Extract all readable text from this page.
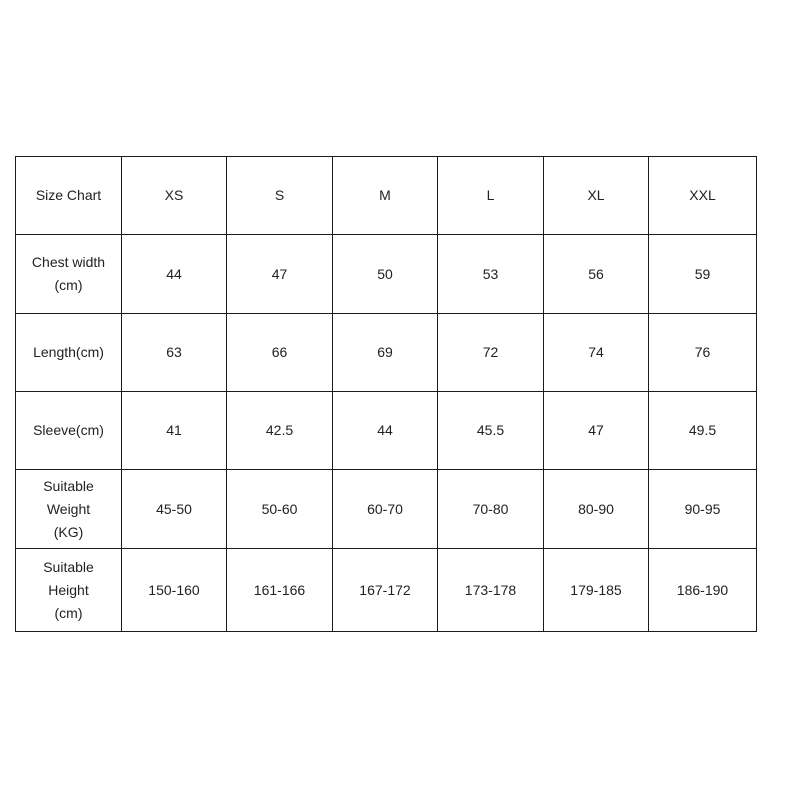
Size Chart	XS	S	M	L	XL	XXL
Chest width
(cm)	44	47	50	53	56	59
Length(cm)	63	66	69	72	74	76
Sleeve(cm)	41	42.5	44	45.5	47	49.5
Suitable
Weight
(KG)	45-50	50-60	60-70	70-80	80-90	90-95
Suitable
Height
(cm)	150-160	161-166	167-172	173-178	179-185	186-190
